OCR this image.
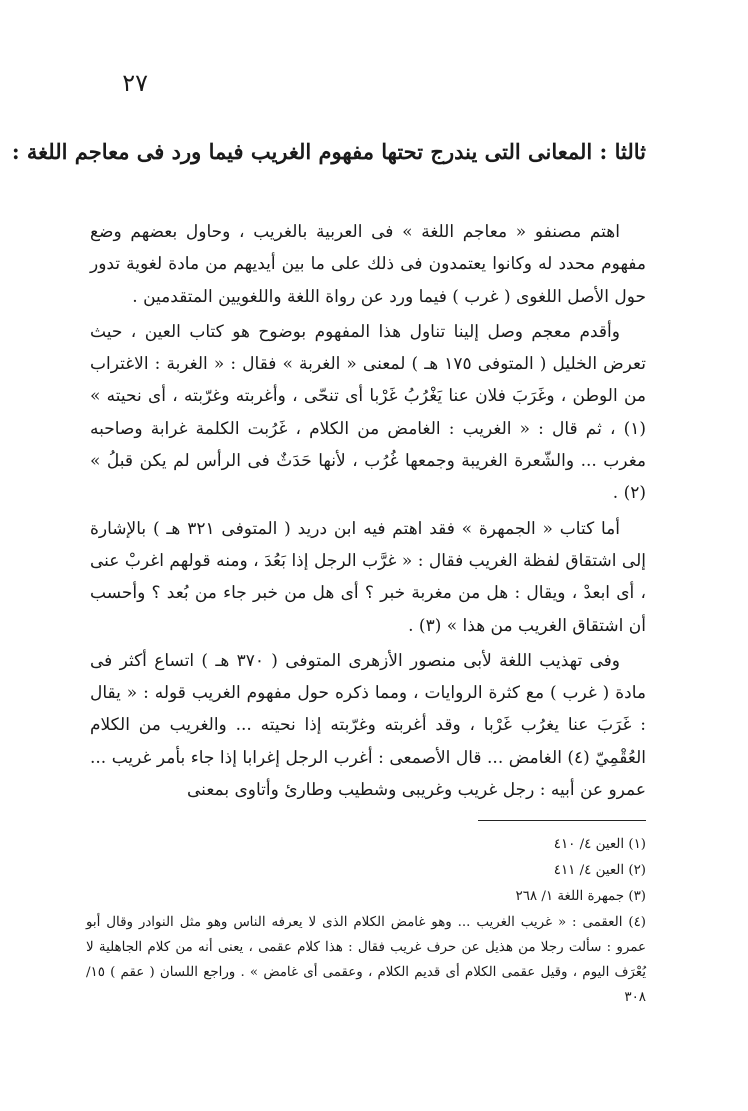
٢٧
ثالثا : المعانى التى يندرج تحتها مفهوم الغريب فيما ورد فى معاجم اللغة :

اهتم مصنفو « معاجم اللغة » فى العربية بالغريب ، وحاول بعضهم وضع مفهوم محدد له وكانوا يعتمدون فى ذلك على ما بين أيديهم من مادة لغوية تدور حول الأصل اللغوى ( غرب ) فيما ورد عن رواة اللغة واللغويين المتقدمين .

وأقدم معجم وصل إلينا تناول هذا المفهوم بوضوح هو كتاب العين ، حيث تعرض الخليل ( المتوفى ١٧٥ هـ ) لمعنى « الغربة » فقال : « الغربة : الاغتراب من الوطن ، وغَرَبَ فلان عنا يَغْرُبُ غَرْبا أى تنحّى ، وأغربته وغرّبته ، أى نحيته » (١) ، ثم قال : « الغريب : الغامض من الكلام ، غَرُبت الكلمة غرابة وصاحبه مغرب ... والشّعرة الغريبة وجمعها غُرُب ، لأنها حَدَثٌ فى الرأس لم يكن قبلُ » (٢) .

أما كتاب « الجمهرة » فقد اهتم فيه ابن دريد ( المتوفى ٣٢١ هـ ) بالإشارة إلى اشتقاق لفظة الغريب فقال : « غرَّب الرجل إذا بَعُدَ ، ومنه قولهم اغربْ عنى ، أى ابعدْ ، ويقال : هل من مغربة خبر ؟ أى هل من خبر جاء من بُعد ؟ وأحسب أن اشتقاق الغريب من هذا » (٣) .

وفى تهذيب اللغة لأبى منصور الأزهرى المتوفى ( ٣٧٠ هـ ) اتساع أكثر فى مادة ( غرب ) مع كثرة الروايات ، ومما ذكره حول مفهوم الغريب قوله : « يقال : غَرَبَ عنا يغرُب غَرْبا ، وقد أغربته وغرّبته إذا نحيته ... والغريب من الكلام العُقْمِيّ (٤) الغامض ... قال الأصمعى : أغرب الرجل إغرابا إذا جاء بأمر غريب ... عمرو عن أبيه : رجل غريب وغريبى وشطيب وطارئ وأتاوى بمعنى

(١) العين ٤/ ٤١٠

(٢) العين ٤/ ٤١١

(٣) جمهرة اللغة ١/ ٢٦٨

(٤) العقمى : « غريب الغريب ... وهو غامض الكلام الذى لا يعرفه الناس وهو مثل النوادر وقال أبو عمرو : سألت رجلا من هذيل عن حرف غريب فقال : هذا كلام عقمى ، يعنى أنه من كلام الجاهلية لا يُعْرَف اليوم ، وقيل عقمى الكلام أى قديم الكلام ، وعقمى أى غامض » . وراجع اللسان ( عقم ) ١٥/ ٣٠٨
